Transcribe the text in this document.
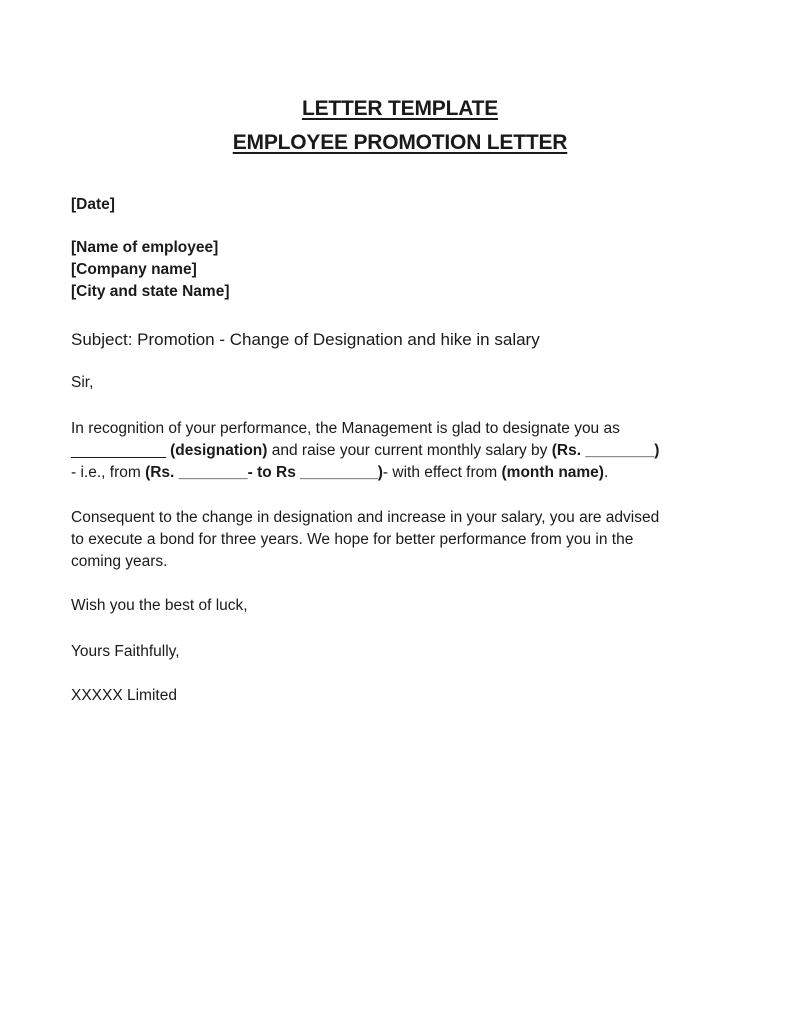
LETTER TEMPLATE
EMPLOYEE PROMOTION LETTER
[Date]
[Name of employee]
[Company name]
[City and state Name]
Subject: Promotion - Change of Designation and hike in salary
Sir,
In recognition of your performance, the Management is glad to designate you as
___________ (designation) and raise your current monthly salary by (Rs. ________)
- i.e., from (Rs. ________- to Rs _________)- with effect from (month name).
Consequent to the change in designation and increase in your salary, you are advised
to execute a bond for three years. We hope for better performance from you in the
coming years.
Wish you the best of luck,
Yours Faithfully,
XXXXX Limited
